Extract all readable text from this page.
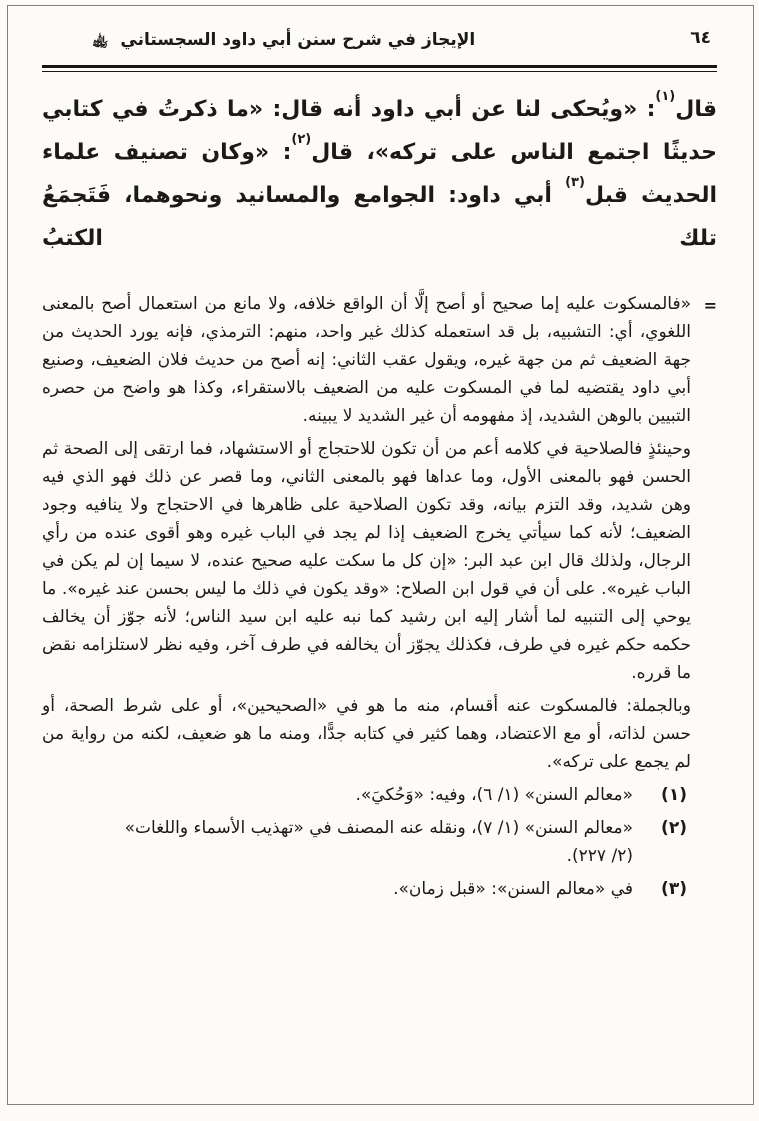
الإيجاز في شرح سنن أبي داود السجستاني ﵀	٦٤

قال$^{(١)}$: «ويُحكى لنا عن أبي داود أنه قال: «ما ذكرتُ في كتابي حديثًا اجتمع الناس على تركه»، قال$^{(٢)}$: «وكان تصنيف علماء الحديث قبل$^{(٣)}$ أبي داود: الجوامع والمسانيد ونحوهما، فَتَجمَعُ تلك الكتبُ

=

«فالمسكوت عليه إما صحيح أو أصح إلَّا أن الواقع خلافه، ولا مانع من استعمال أصح بالمعنى اللغوي، أي: التشبيه، بل قد استعمله كذلك غير واحد، منهم: الترمذي، فإنه يورد الحديث من جهة الضعيف ثم من جهة غيره، ويقول عقب الثاني: إنه أصح من حديث فلان الضعيف، وصنيع أبي داود يقتضيه لما في المسكوت عليه من الضعيف بالاستقراء، وكذا هو واضح من حصره التبيين بالوهن الشديد، إذ مفهومه أن غير الشديد لا يبينه.

وحينئذٍ فالصلاحية في كلامه أعم من أن تكون للاحتجاج أو الاستشهاد، فما ارتقى إلى الصحة ثم الحسن فهو بالمعنى الأول، وما عداها فهو بالمعنى الثاني، وما قصر عن ذلك فهو الذي فيه وهن شديد، وقد التزم بيانه، وقد تكون الصلاحية على ظاهرها في الاحتجاج ولا ينافيه وجود الضعيف؛ لأنه كما سيأتي يخرج الضعيف إذا لم يجد في الباب غيره وهو أقوى عنده من رأي الرجال، ولذلك قال ابن عبد البر: «إن كل ما سكت عليه صحيح عنده، لا سيما إن لم يكن في الباب غيره». على أن في قول ابن الصلاح: «وقد يكون في ذلك ما ليس بحسن عند غيره». ما يوحي إلى التنبيه لما أشار إليه ابن رشيد كما نبه عليه ابن سيد الناس؛ لأنه جوّز أن يخالف حكمه حكم غيره في طرف، فكذلك يجوّز أن يخالفه في طرف آخر، وفيه نظر لاستلزامه نقض ما قرره.

وبالجملة: فالمسكوت عنه أقسام، منه ما هو في «الصحيحين»، أو على شرط الصحة، أو حسن لذاته، أو مع الاعتضاد، وهما كثير في كتابه جدًّا، ومنه ما هو ضعيف، لكنه من رواية من لم يجمع على تركه».

(١)
«معالم السنن» (١/ ٦)، وفيه: «وَحُكيَ».
(٢)
«معالم السنن» (١/ ٧)، ونقله عنه المصنف في «تهذيب الأسماء واللغات»
(٢/ ٢٢٧).
(٣)
في «معالم السنن»: «قبل زمان».
